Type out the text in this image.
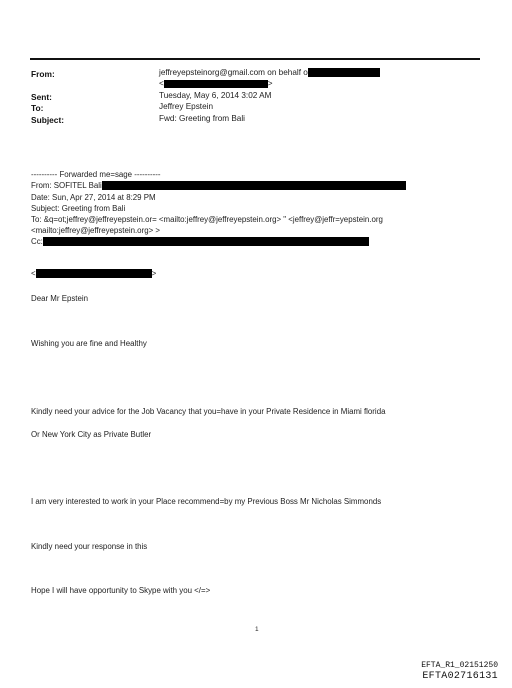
From:	jeffreyepsteinorg@gmail.com on behalf o
<	>
Sent:	Tuesday, May 6, 2014 3:02 AM
To:	Jeffrey Epstein
Subject:	Fwd: Greeting from Bali
---------- Forwarded me=sage ----------
From: SOFITEL Bali
Date: Sun, Apr 27, 2014 at 8:29 PM
Subject: Greeting from Bali
To: &q=ot;jeffrey@jeffreyepstein.or= <mailto:jeffrey@jeffreyepstein.org> " <jeffrey@jeffr=yepstein.org
<mailto:jeffrey@jeffreyepstein.org> >
Cc:
<	>
Dear Mr Epstein
Wishing you are fine and Healthy
Kindly need your advice for the Job Vacancy that you=have in your Private Residence in Miami florida
Or New York City as Private Butler
I am very interested to work in your Place recommend=by my Previous Boss Mr Nicholas Simmonds
Kindly need your response in this
Hope I will have opportunity to Skype with you </=>
1
EFTA_R1_02151250
EFTA02716131
